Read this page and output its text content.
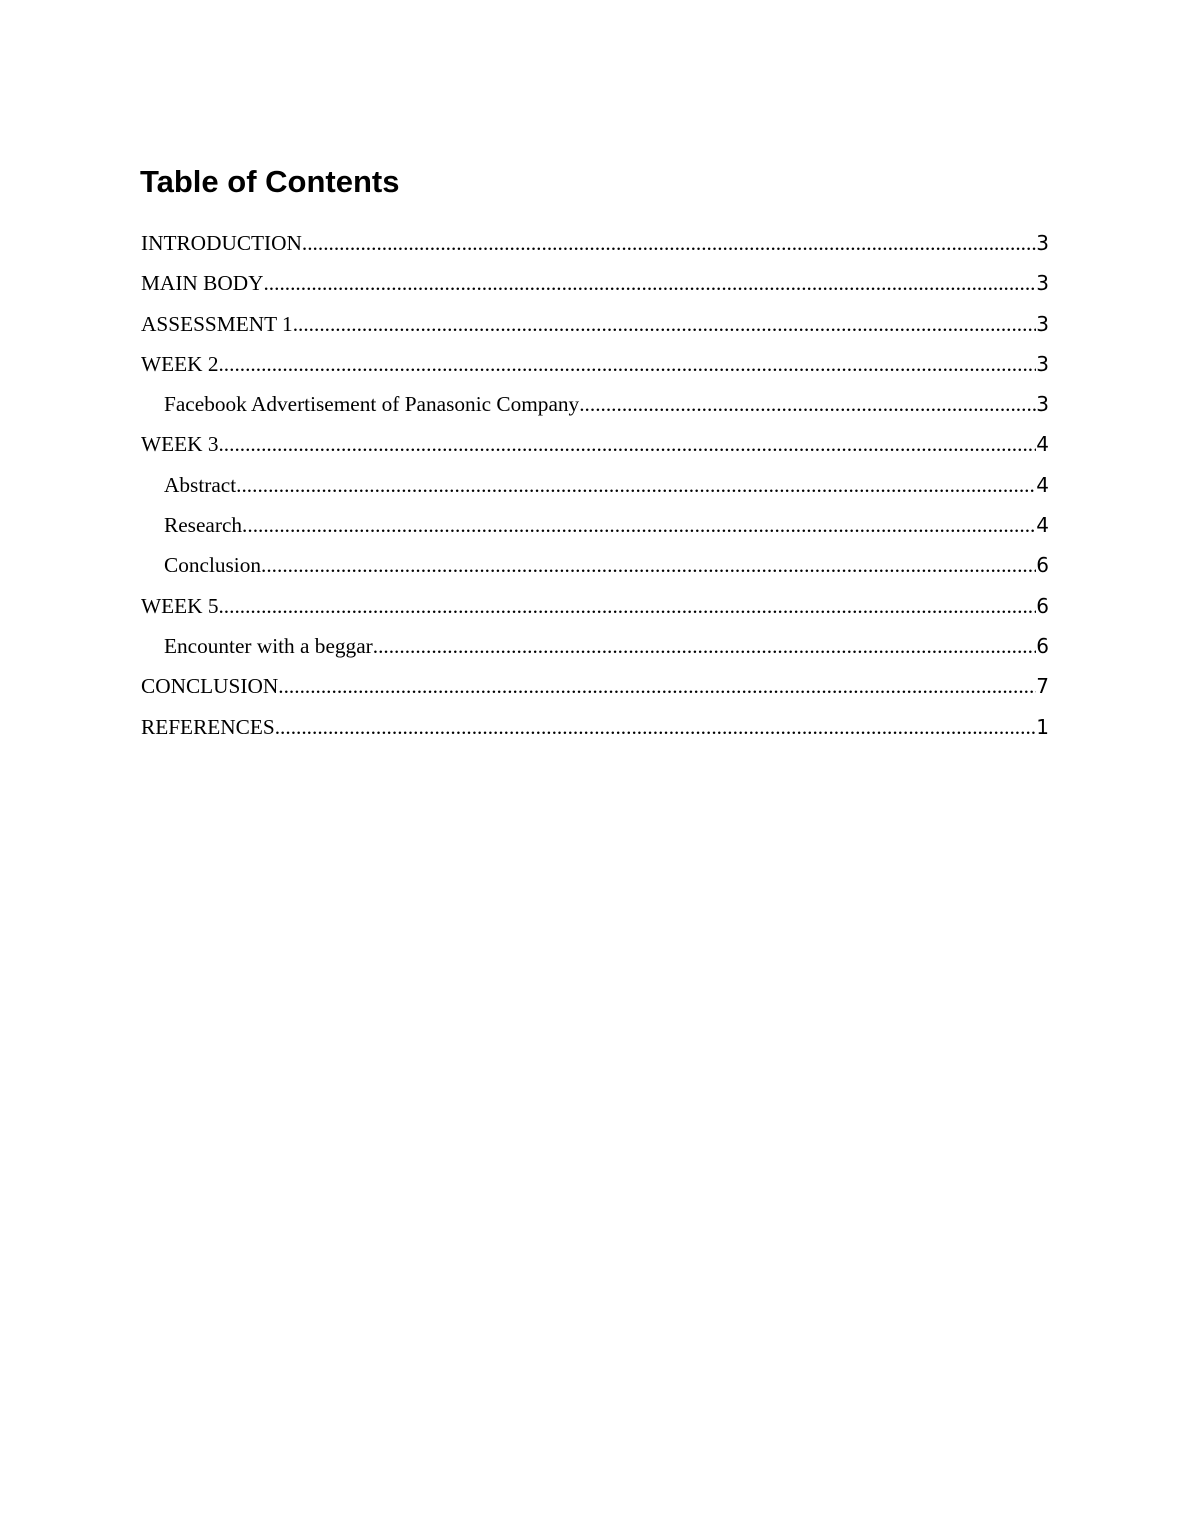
Table of Contents
INTRODUCTION .....	3
MAIN BODY .....	3
ASSESSMENT 1 .....	3
WEEK 2 .....	3
Facebook Advertisement of Panasonic Company .....	3
WEEK 3 .....	4
Abstract .....	4
Research .....	4
Conclusion .....	6
WEEK 5 .....	6
Encounter with a beggar .....	6
CONCLUSION .....	7
REFERENCES .....	1
